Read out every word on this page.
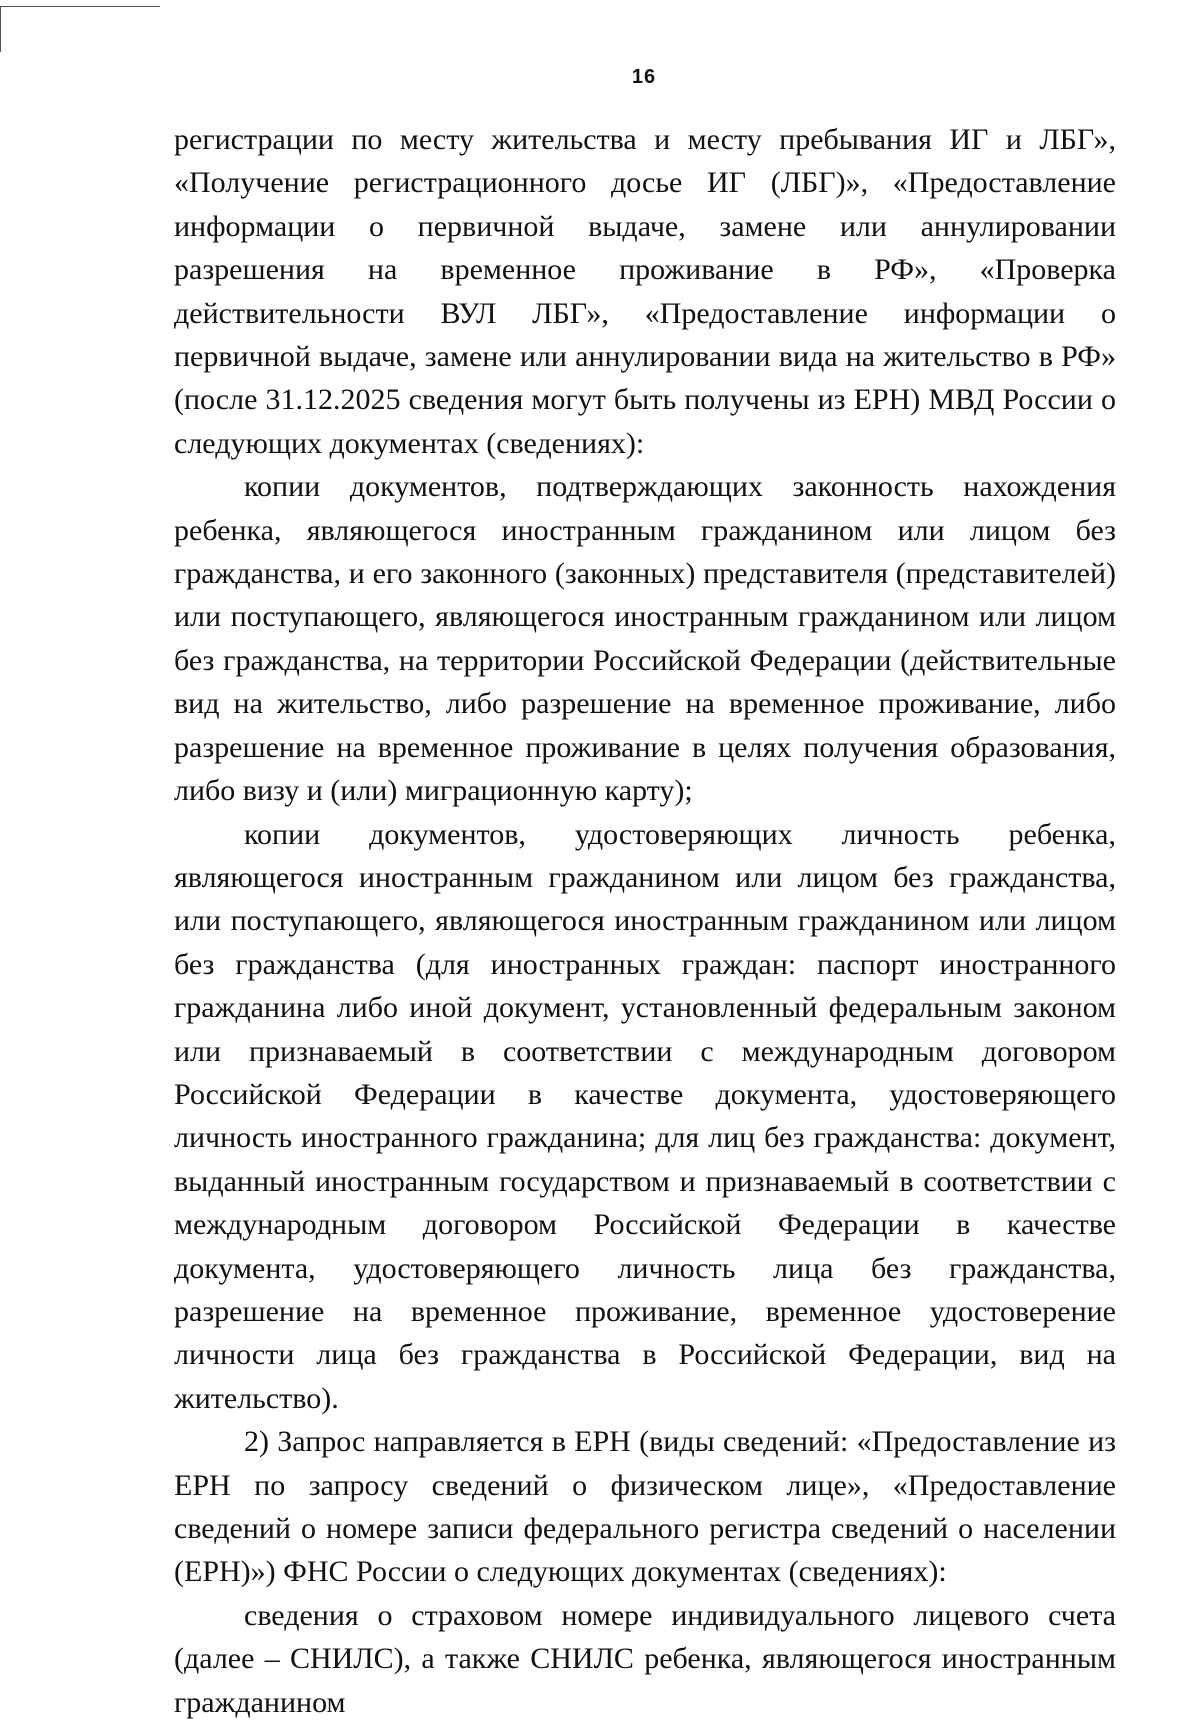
16

регистрации по месту жительства и месту пребывания ИГ и ЛБГ», «Получение регистрационного досье ИГ (ЛБГ)», «Предоставление информации о первичной выдаче, замене или аннулировании разрешения на временное проживание в РФ», «Проверка действительности ВУЛ ЛБГ», «Предоставление информации о первичной выдаче, замене или аннулировании вида на жительство в РФ» (после 31.12.2025 сведения могут быть получены из ЕРН) МВД России о следующих документах (сведениях):

копии документов, подтверждающих законность нахождения ребенка, являющегося иностранным гражданином или лицом без гражданства, и его законного (законных) представителя (представителей) или поступающего, являющегося иностранным гражданином или лицом без гражданства, на территории Российской Федерации (действительные вид на жительство, либо разрешение на временное проживание, либо разрешение на временное проживание в целях получения образования, либо визу и (или) миграционную карту);

копии документов, удостоверяющих личность ребенка, являющегося иностранным гражданином или лицом без гражданства, или поступающего, являющегося иностранным гражданином или лицом без гражданства (для иностранных граждан: паспорт иностранного гражданина либо иной документ, установленный федеральным законом или признаваемый в соответствии с международным договором Российской Федерации в качестве документа, удостоверяющего личность иностранного гражданина; для лиц без гражданства: документ, выданный иностранным государством и признаваемый в соответствии с международным договором Российской Федерации в качестве документа, удостоверяющего личность лица без гражданства, разрешение на временное проживание, временное удостоверение личности лица без гражданства в Российской Федерации, вид на жительство).

2) Запрос направляется в ЕРН (виды сведений: «Предоставление из ЕРН по запросу сведений о физическом лице», «Предоставление сведений о номере записи федерального регистра сведений о населении (ЕРН)») ФНС России о следующих документах (сведениях):

сведения о страховом номере индивидуального лицевого счета (далее – СНИЛС), а также СНИЛС ребенка, являющегося иностранным гражданином
